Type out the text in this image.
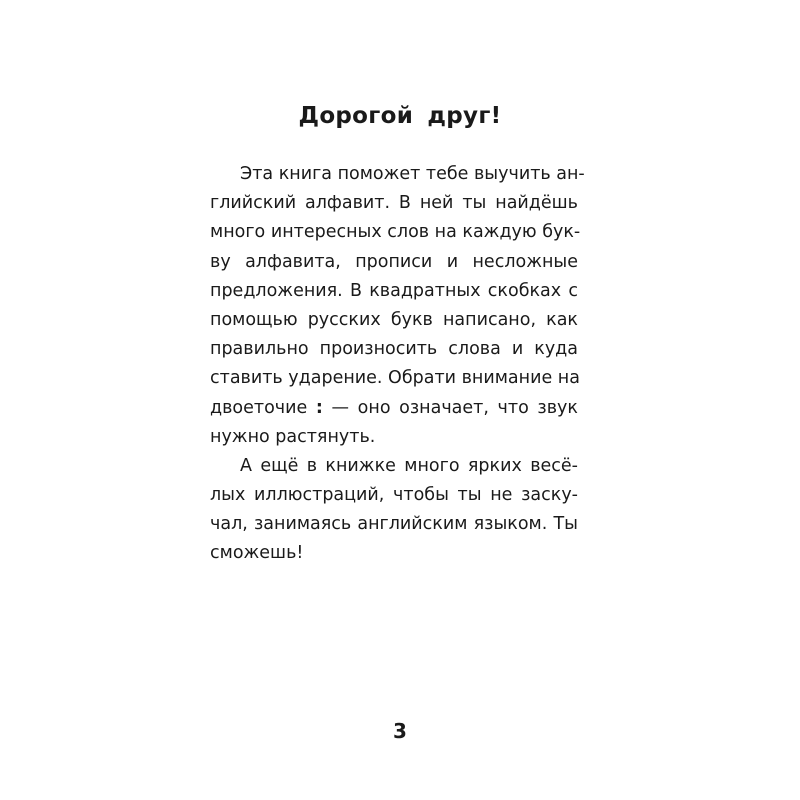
Дорогой друг!
Эта книга поможет тебе выучить ан-
глийский алфавит. В ней ты найдёшь
много интересных слов на каждую бук-
ву алфавита, прописи и несложные
предложения. В квадратных скобках с
помощью русских букв написано, как
правильно произносить слова и куда
ставить ударение. Обрати внимание на
двоеточие : — оно означает, что звук
нужно растянуть.
А ещё в книжке много ярких весё-
лых иллюстраций, чтобы ты не заску-
чал, занимаясь английским языком. Ты
сможешь!
3
